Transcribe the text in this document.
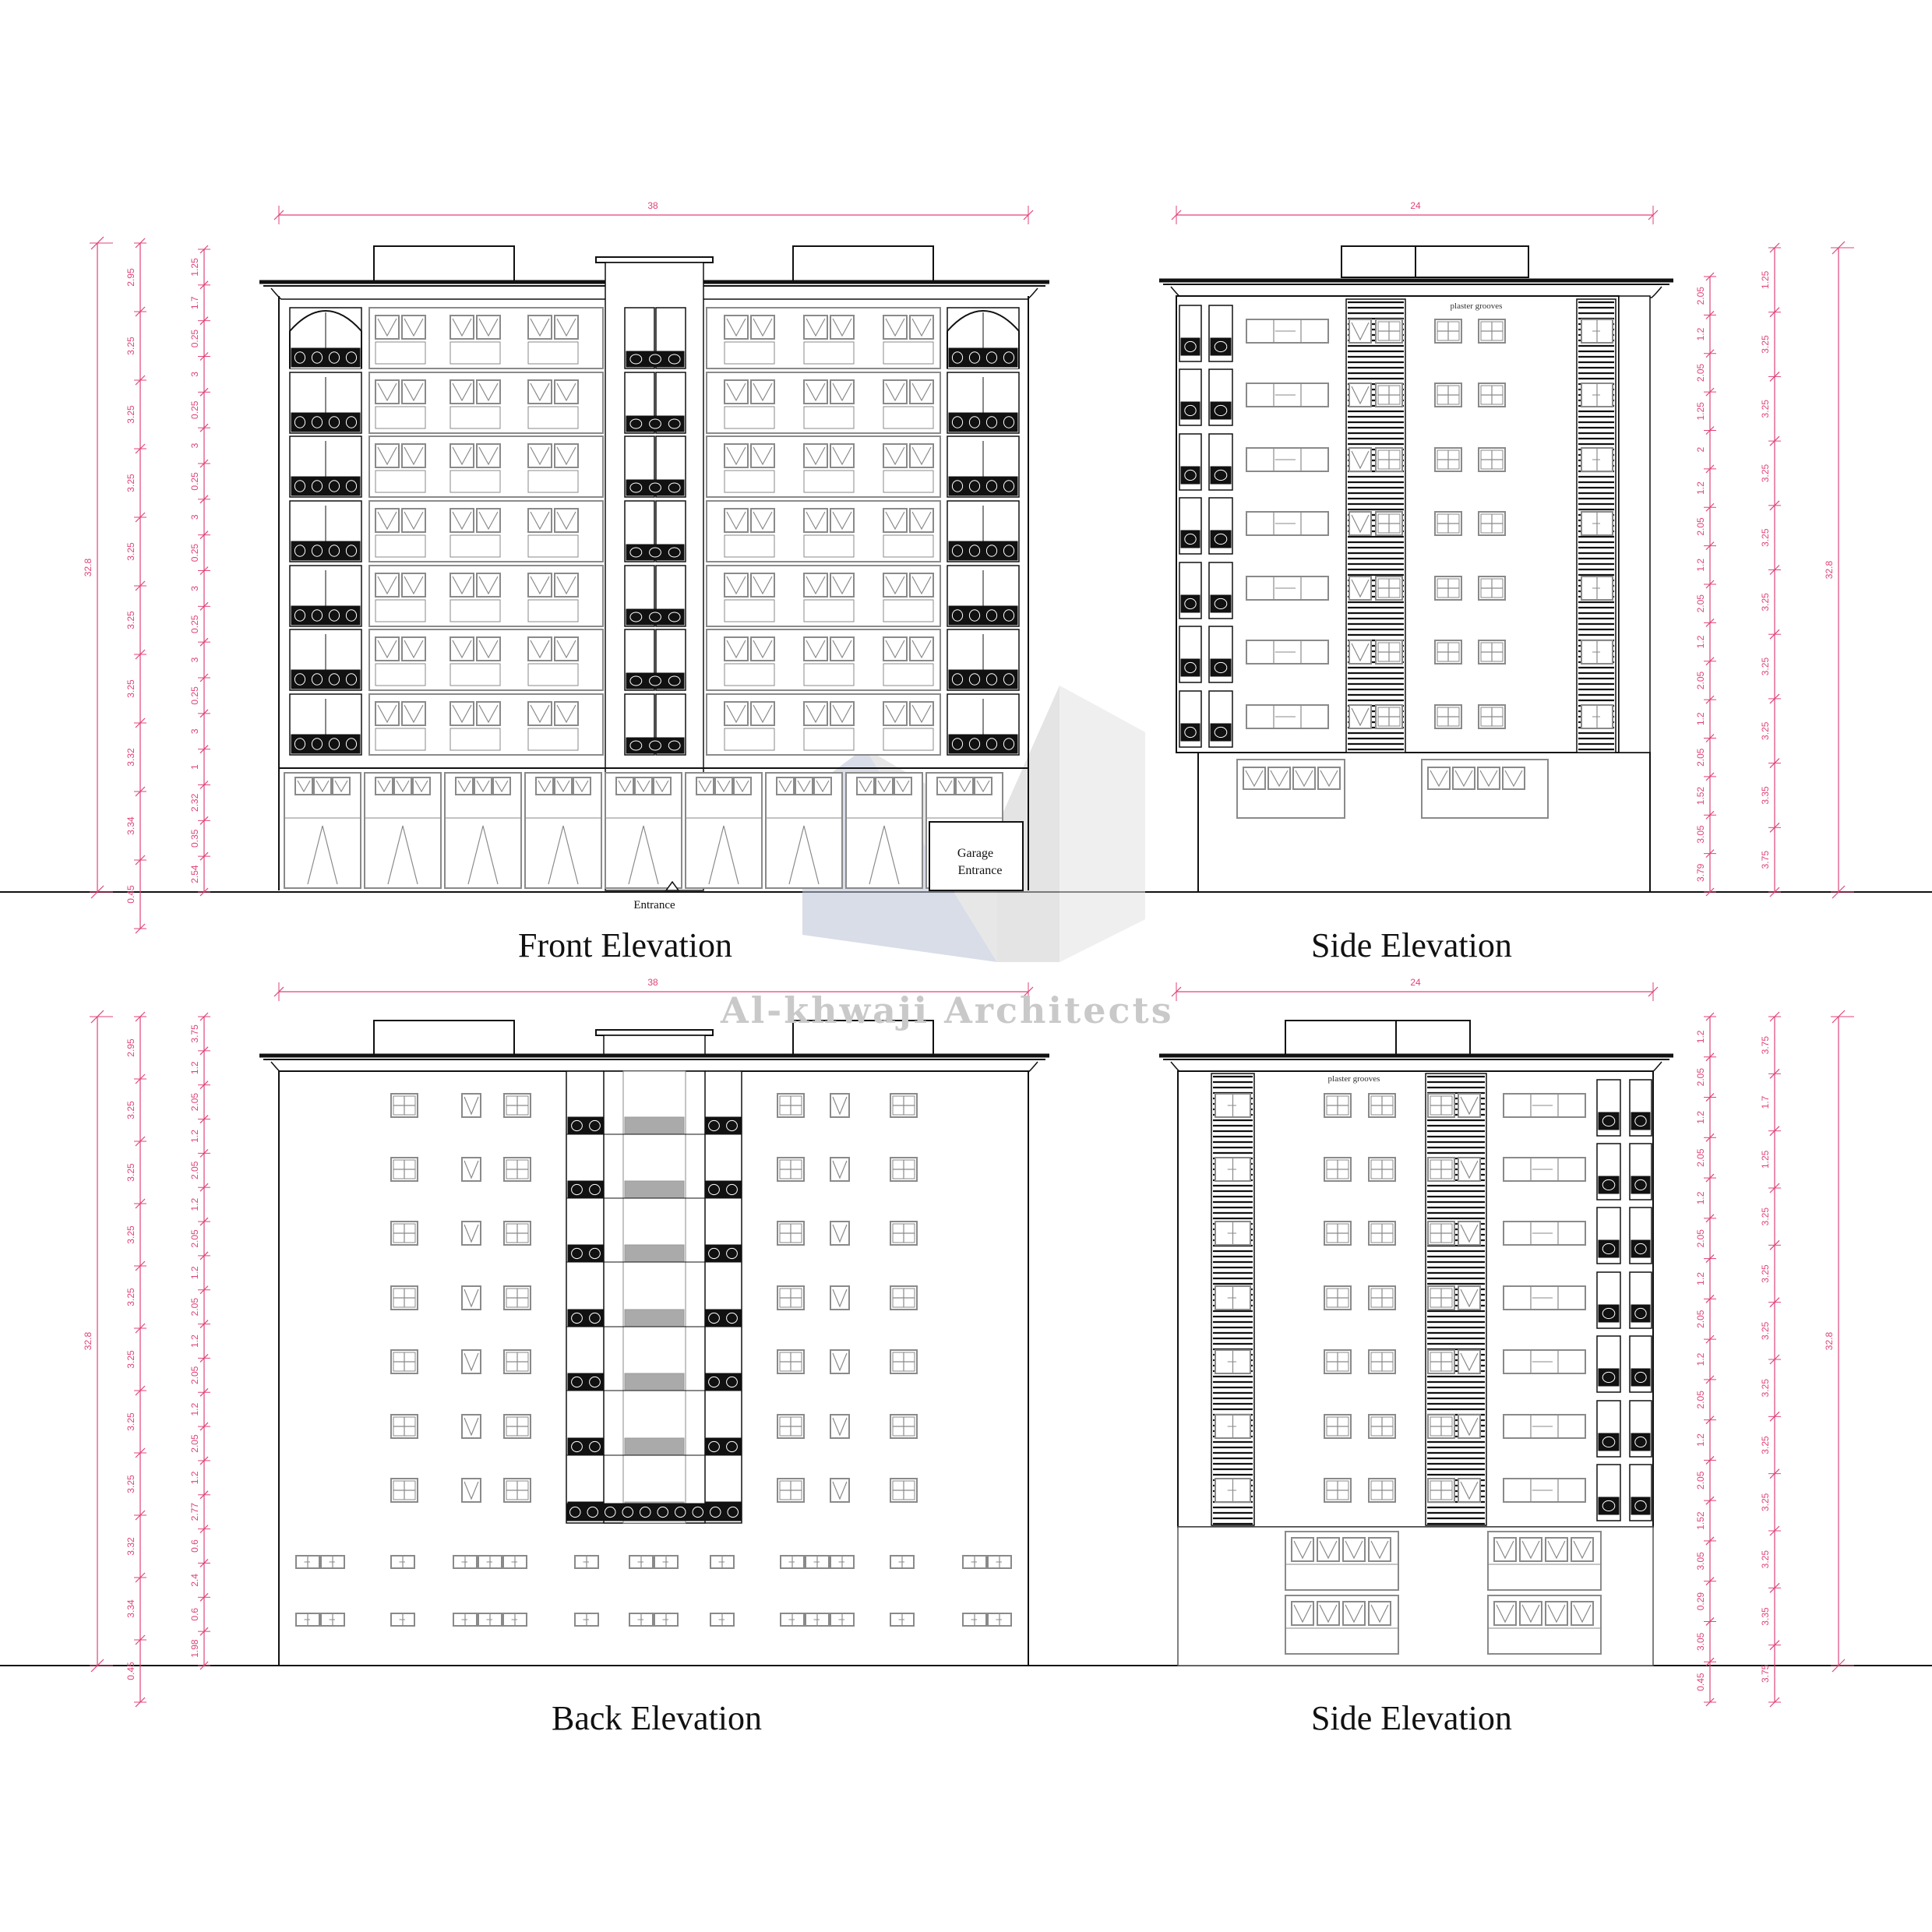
32.8
2.95
3.25
3.25
3.25
3.25
3.25
3.25
3.32
3.34
0.45
1.25
1.7
0.25
3
0.25
3
0.25
3
0.25
3
0.25
3
0.25
3
1
2.32
0.35
2.54
32.8
2.05
1.2
2.05
1.25
2
1.2
2.05
1.2
2.05
1.2
2.05
1.2
2.05
1.52
3.05
3.79
1.25
3.25
3.25
3.25
3.25
3.25
3.25
3.25
3.35
3.75
32.8
2.95
3.25
3.25
3.25
3.25
3.25
3.25
3.25
3.32
3.34
0.45
3.75
1.2
2.05
1.2
2.05
1.2
2.05
1.2
2.05
1.2
2.05
1.2
2.05
1.2
2.77
0.6
2.4
0.6
1.98
32.8
1.2
2.05
1.2
2.05
1.2
2.05
1.2
2.05
1.2
2.05
1.2
2.05
1.52
3.05
0.29
3.05
0.45
3.75
1.7
1.25
3.25
3.25
3.25
3.25
3.25
3.25
3.25
3.35
3.75
Entrance
Garage
Entrance
plaster grooves
plaster grooves
38	24
38	24
Front Elevation	Side Elevation
Back Elevation	Side Elevation
Al-khwaji Architects
